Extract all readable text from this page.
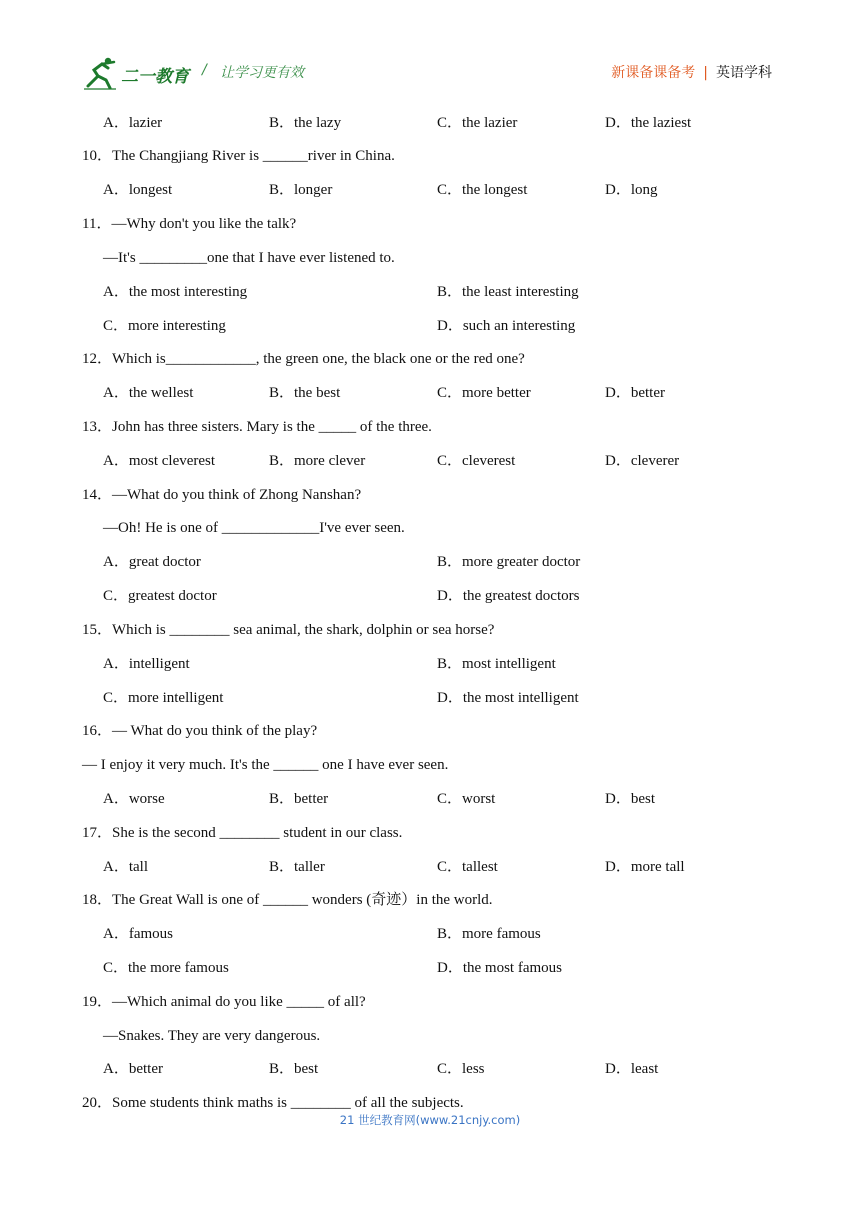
二一教育 / 让学习更有效	新课备课备考 | 英语学科
A．lazier	B．the lazy	C．the lazier	D．the laziest
10．The Changjiang River is ______river in China.
A．longest	B．longer	C．the longest	D．long
11．—Why don't you like the talk?
—It's _________one that I have ever listened to.
A．the most interesting	B．the least interesting
C．more interesting	D．such an interesting
12．Which is____________, the green one, the black one or the red one?
A．the wellest	B．the best	C．more better	D．better
13．John has three sisters. Mary is the _____ of the three.
A．most cleverest	B．more clever	C．cleverest	D．cleverer
14．—What do you think of Zhong Nanshan?
—Oh! He is one of _____________I've ever seen.
A．great doctor	B．more greater doctor
C．greatest doctor	D．the greatest doctors
15．Which is ________ sea animal, the shark, dolphin or sea horse?
A．intelligent	B．most intelligent
C．more intelligent	D．the most intelligent
16．— What do you think of the play?
— I enjoy it very much. It's the ______ one I have ever seen.
A．worse	B．better	C．worst	D．best
17．She is the second ________ student in our class.
A．tall	B．taller	C．tallest	D．more tall
18．The Great Wall is one of ______ wonders (奇迹）in the world.
A．famous	B．more famous
C．the more famous	D．the most famous
19．—Which animal do you like _____ of all?
—Snakes. They are very dangerous.
A．better	B．best	C．less	D．least
20．Some students think maths is ________ of all the subjects.
21 世纪教育网(www.21cnjy.com)
